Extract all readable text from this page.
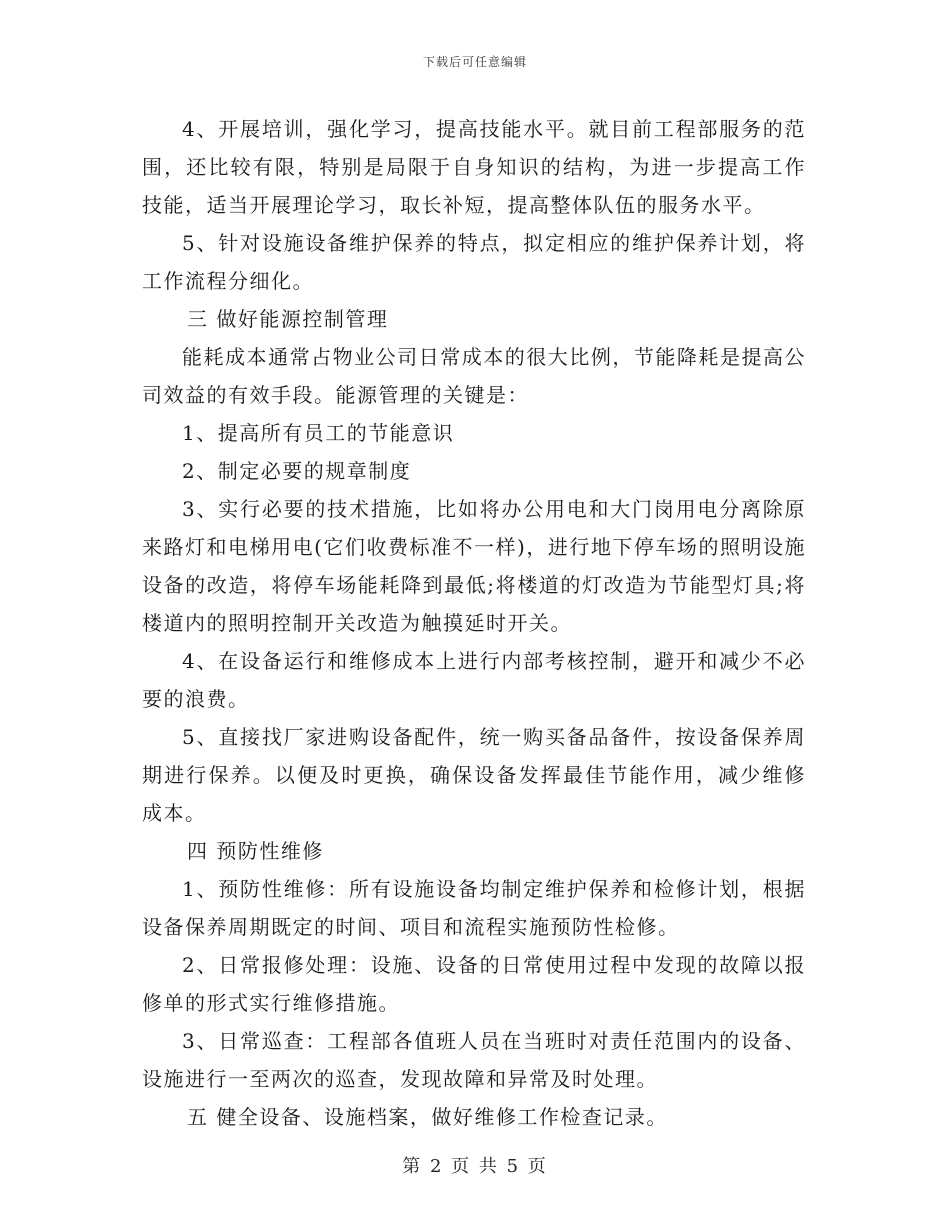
下载后可任意编辑

4、开展培训，强化学习，提高技能水平。就目前工程部服务的范围，还比较有限，特别是局限于自身知识的结构，为进一步提高工作技能，适当开展理论学习，取长补短，提高整体队伍的服务水平。

5、针对设施设备维护保养的特点，拟定相应的维护保养计划，将工作流程分细化。

三 做好能源控制管理

能耗成本通常占物业公司日常成本的很大比例，节能降耗是提高公司效益的有效手段。能源管理的关键是：

1、提高所有员工的节能意识

2、制定必要的规章制度

3、实行必要的技术措施，比如将办公用电和大门岗用电分离除原来路灯和电梯用电(它们收费标准不一样)，进行地下停车场的照明设施设备的改造，将停车场能耗降到最低;将楼道的灯改造为节能型灯具;将楼道内的照明控制开关改造为触摸延时开关。

4、在设备运行和维修成本上进行内部考核控制，避开和减少不必要的浪费。

5、直接找厂家进购设备配件，统一购买备品备件，按设备保养周期进行保养。以便及时更换，确保设备发挥最佳节能作用，减少维修成本。

四 预防性维修

1、预防性维修：所有设施设备均制定维护保养和检修计划，根据设备保养周期既定的时间、项目和流程实施预防性检修。

2、日常报修处理：设施、设备的日常使用过程中发现的故障以报修单的形式实行维修措施。

3、日常巡查：工程部各值班人员在当班时对责任范围内的设备、设施进行一至两次的巡查，发现故障和异常及时处理。

五 健全设备、设施档案，做好维修工作检查记录。

第 2 页 共 5 页
